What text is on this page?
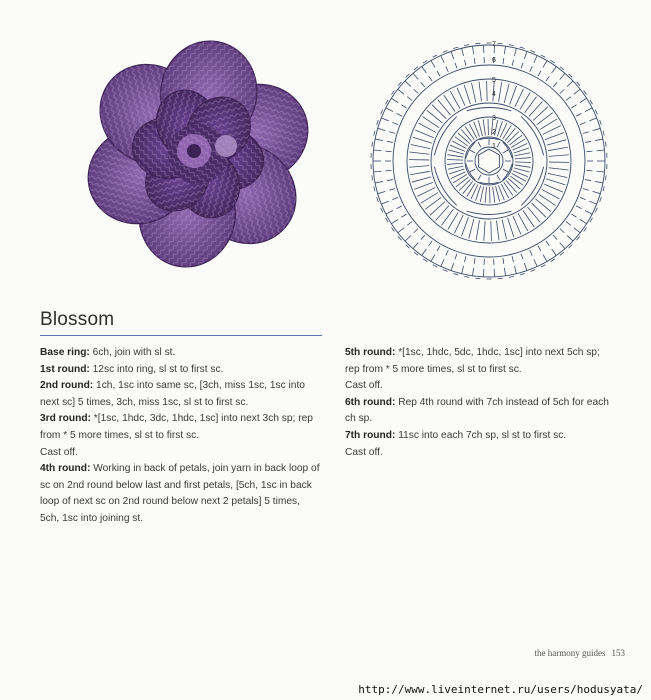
7
6
5
4
3
2
1
Blossom

Base ring: 6ch, join with sl st.

1st round: 12sc into ring, sl st to first sc.

2nd round: 1ch, 1sc into same sc, [3ch, miss 1sc, 1sc into next sc] 5 times, 3ch, miss 1sc, sl st to first sc.

3rd round: *[1sc, 1hdc, 3dc, 1hdc, 1sc] into next 3ch sp; rep from * 5 more times, sl st to first sc.

Cast off.

4th round: Working in back of petals, join yarn in back loop of sc on 2nd round below last and first petals, [5ch, 1sc in back loop of next sc on 2nd round below next 2 petals] 5 times, 5ch, 1sc into joining st.

5th round: *[1sc, 1hdc, 5dc, 1hdc, 1sc] into next 5ch sp; rep from * 5 more times, sl st to first sc.

Cast off.

6th round: Rep 4th round with 7ch instead of 5ch for each ch sp.

7th round: 11sc into each 7ch sp, sl st to first sc.

Cast off.

the harmony guides 153
http://www.liveinternet.ru/users/hodusyata/
